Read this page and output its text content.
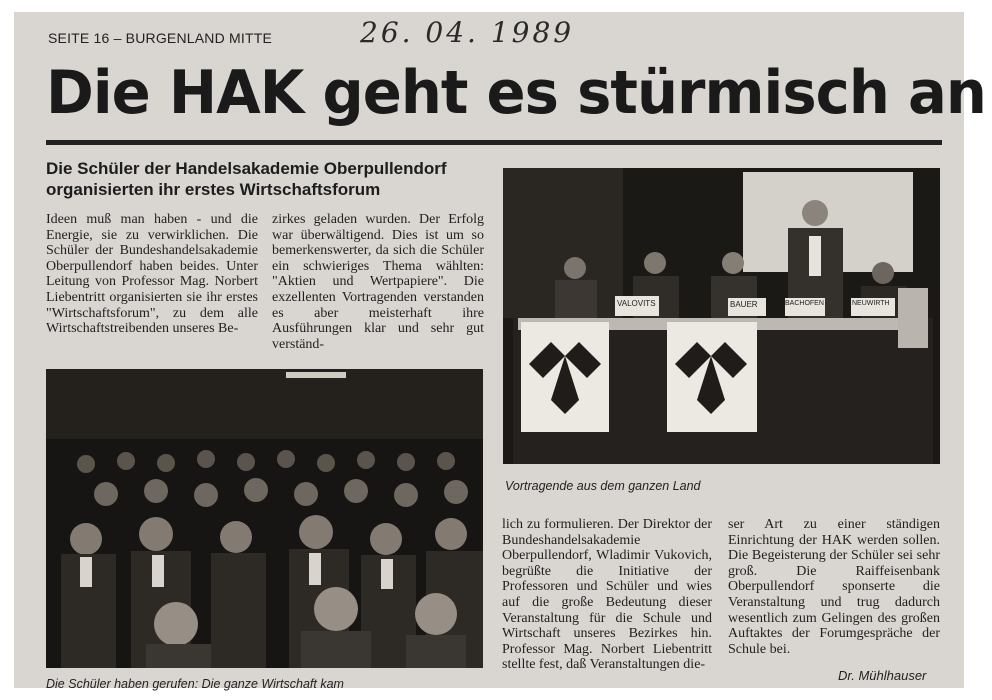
SEITE 16 – BURGENLAND MITTE	26. 04. 1989
Die HAK geht es stürmisch an
Die Schüler der Handelsakademie Oberpullendorf organisierten ihr erstes Wirtschaftsforum

Ideen muß man haben - und die Energie, sie zu verwirklichen. Die Schüler der Bundeshandelsakademie Oberpullendorf haben beides. Unter Leitung von Professor Mag. Norbert Liebentritt organisierten sie ihr erstes "Wirtschaftsforum", zu dem alle Wirtschaftstreibenden unseres Be-

zirkes geladen wurden. Der Erfolg war überwältigend. Dies ist um so bemerkenswerter, da sich die Schüler ein schwieriges Thema wählten: "Aktien und Wertpapiere". Die exzellenten Vortragenden verstanden es aber meisterhaft ihre Ausführungen klar und sehr gut verständ-

VALOVITS	BAUER	BACHOFEN	NEUWIRTH
Vortragende aus dem ganzen Land
Die Schüler haben gerufen: Die ganze Wirtschaft kam

lich zu formulieren. Der Direktor der Bundeshandelsakademie Oberpullendorf, Wladimir Vukovich, begrüßte die Initiative der Professoren und Schüler und wies auf die große Bedeutung dieser Veranstaltung für die Schule und Wirtschaft unseres Bezirkes hin. Professor Mag. Norbert Liebentritt stellte fest, daß Veranstaltungen die-

ser Art zu einer ständigen Einrichtung der HAK werden sollen. Die Begeisterung der Schüler sei sehr groß. Die Raiffeisenbank Oberpullendorf sponserte die Veranstaltung und trug dadurch wesentlich zum Gelingen des großen Auftaktes der Forumgespräche der Schule bei.

Dr. Mühlhauser
